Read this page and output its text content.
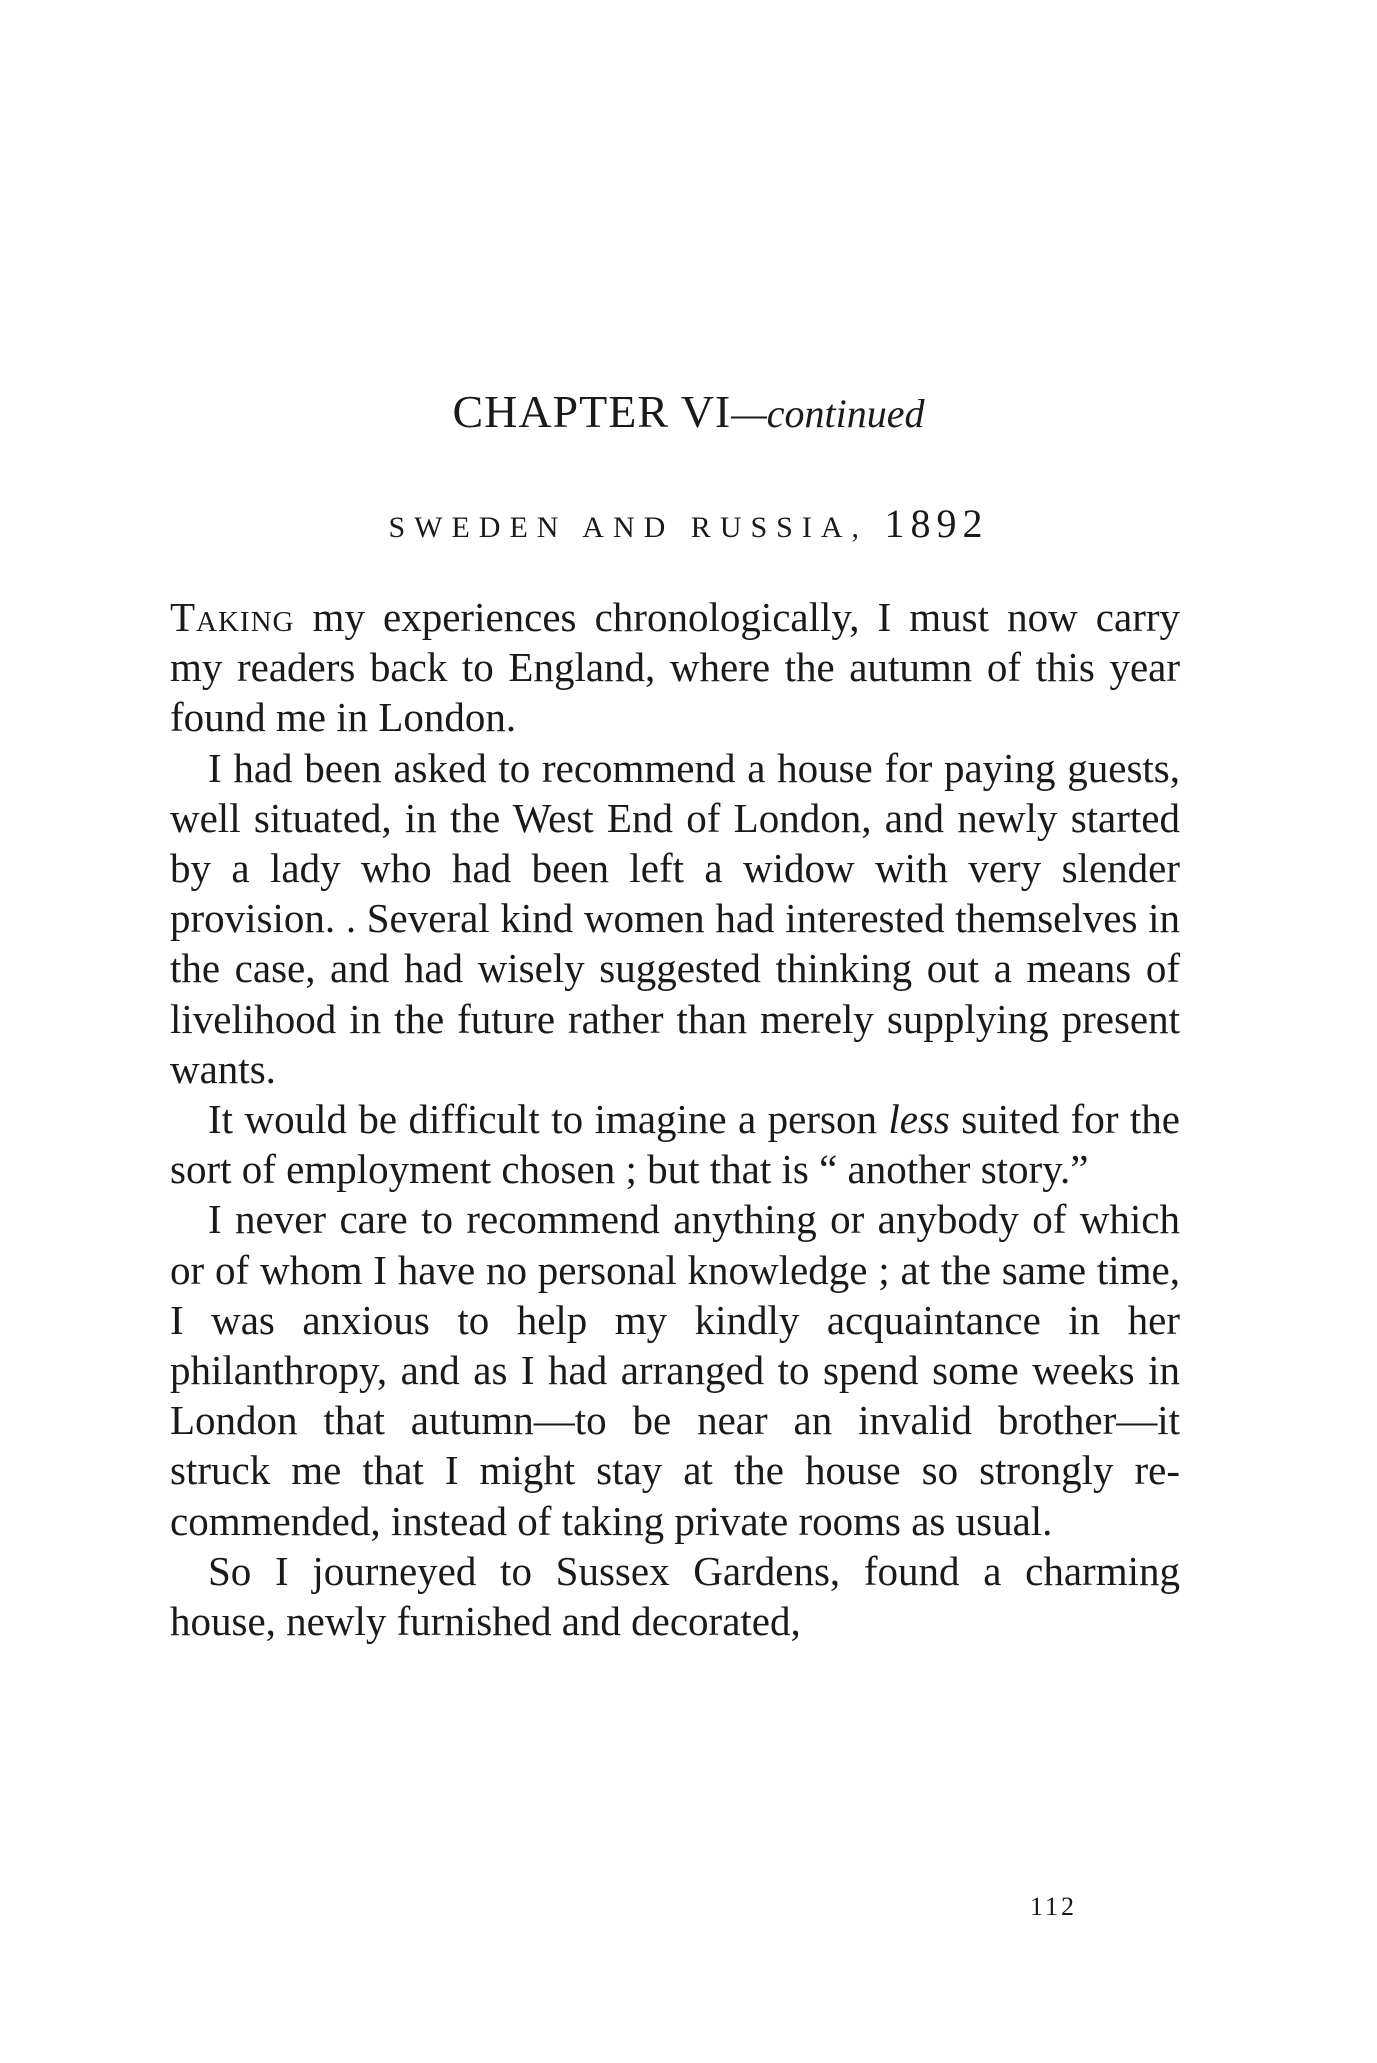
CHAPTER VI—continued
SWEDEN AND RUSSIA, 1892

Taking my experiences chronologically, I must now carry my readers back to England, where the autumn of this year found me in London.

I had been asked to recommend a house for paying guests, well situated, in the West End of London, and newly started by a lady who had been left a widow with very slender provision. . Several kind women had interested themselves in the case, and had wisely suggested thinking out a means of livelihood in the future rather than merely supplying present wants.

It would be difficult to imagine a person less suited for the sort of employment chosen ; but that is “ another story.”

I never care to recommend anything or anybody of which or of whom I have no personal knowledge ; at the same time, I was anxious to help my kindly acquaintance in her philanthropy, and as I had arranged to spend some weeks in London that autumn—to be near an invalid brother—it struck me that I might stay at the house so strongly recommended, instead of taking private rooms as usual.

So I journeyed to Sussex Gardens, found a charming house, newly furnished and decorated,

112
